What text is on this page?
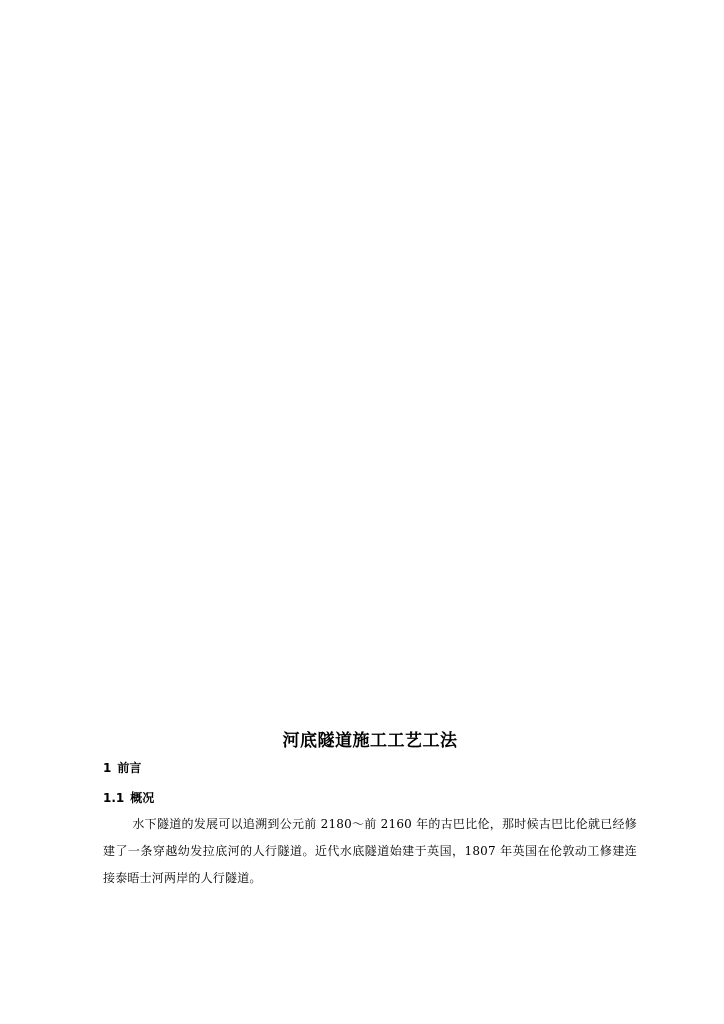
河底隧道施工工艺工法
1 前言
1.1 概况

水下隧道的发展可以追溯到公元前 2180～前 2160 年的古巴比伦，那时候古巴比伦就已经修建了一条穿越幼发拉底河的人行隧道。近代水底隧道始建于英国，1807 年英国在伦敦动工修建连接泰晤士河两岸的人行隧道。
